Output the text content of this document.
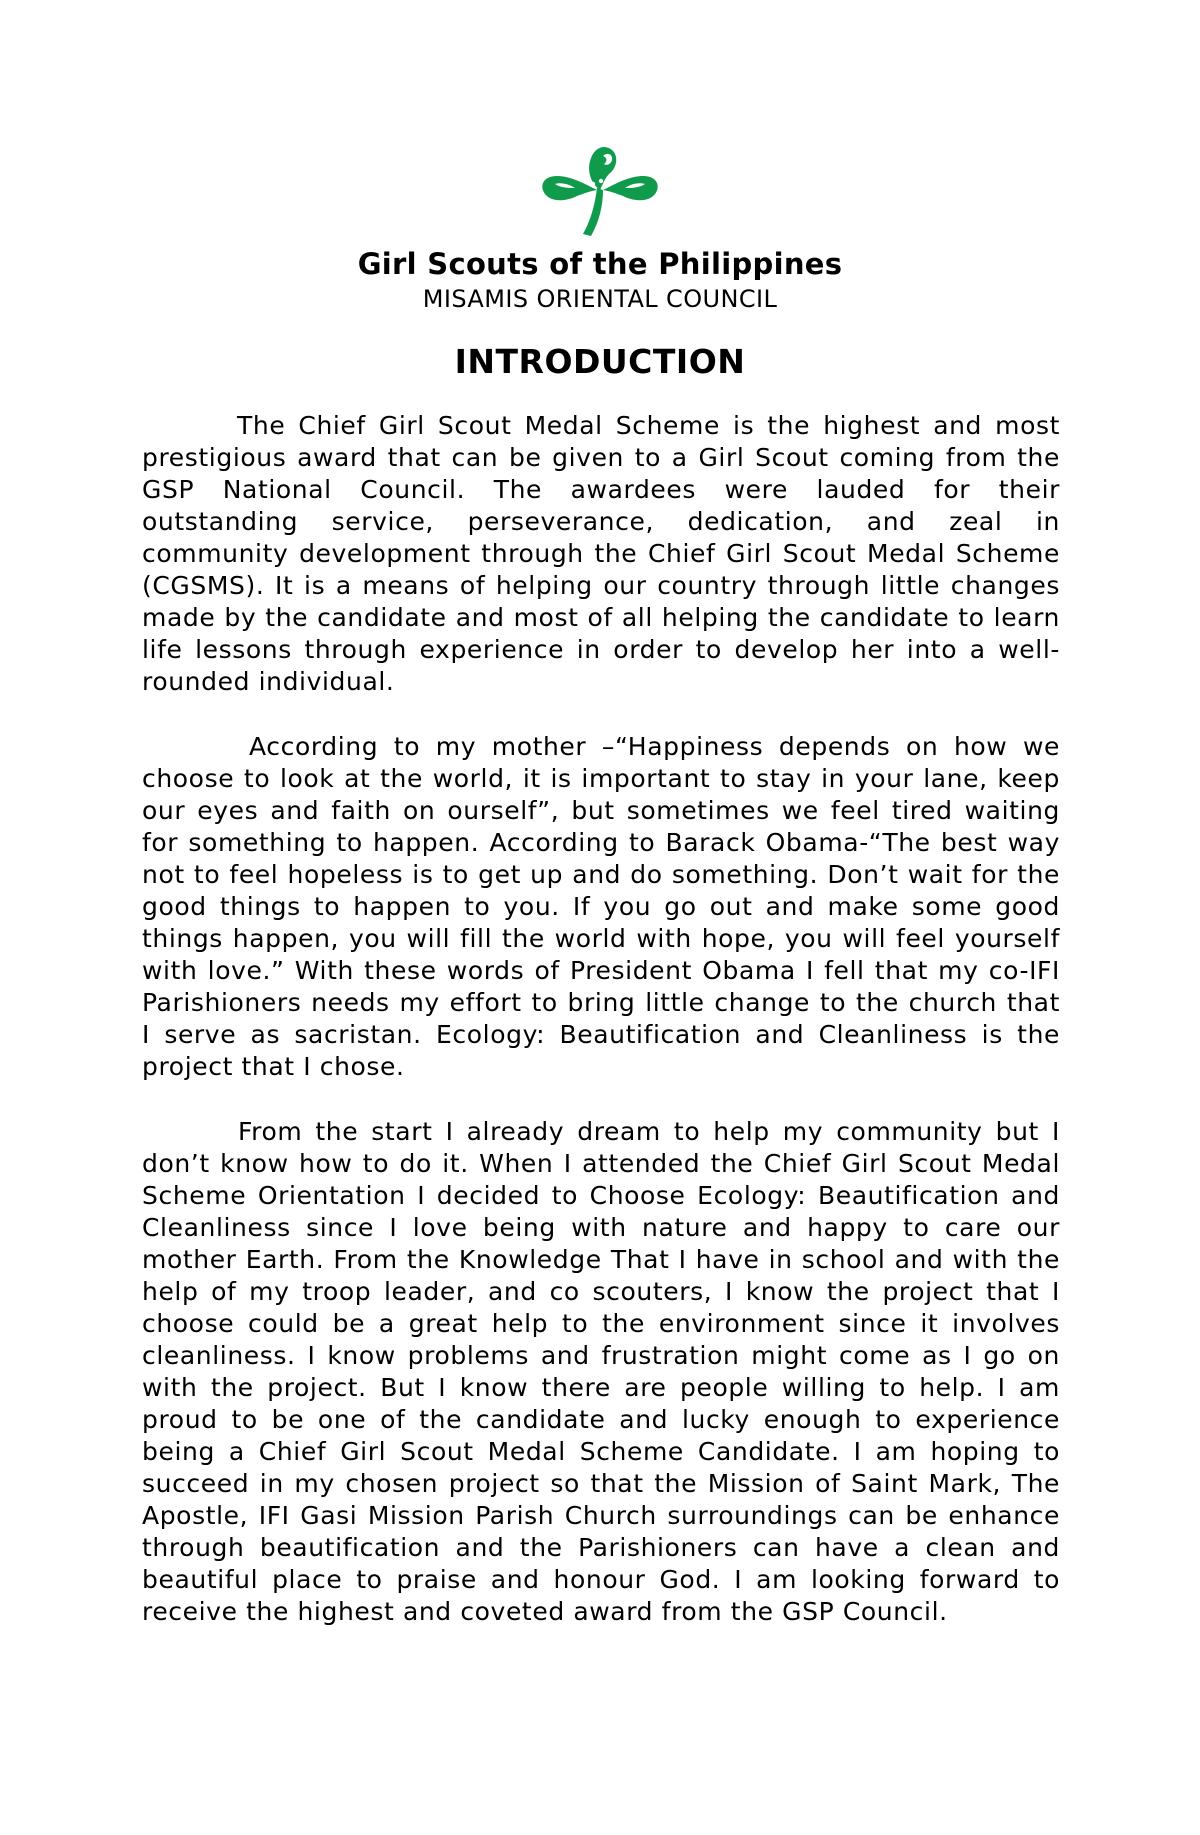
Girl Scouts of the Philippines
MISAMIS ORIENTAL COUNCIL
INTRODUCTION

The Chief Girl Scout Medal Scheme is the highest and most prestigious award that can be given to a Girl Scout coming from the GSP National Council. The awardees were lauded for their outstanding service, perseverance, dedication, and zeal in community development through the Chief Girl Scout Medal Scheme (CGSMS). It is a means of helping our country through little changes made by the candidate and most of all helping the candidate to learn life lessons through experience in order to develop her into a well-rounded individual.

According to my mother –“Happiness depends on how we choose to look at the world, it is important to stay in your lane, keep our eyes and faith on ourself”, but sometimes we feel tired waiting for something to happen. According to Barack Obama-“The best way not to feel hopeless is to get up and do something. Don’t wait for the good things to happen to you. If you go out and make some good things happen, you will fill the world with hope, you will feel yourself with love.” With these words of President Obama I fell that my co-IFI Parishioners needs my effort to bring little change to the church that I serve as sacristan. Ecology: Beautification and Cleanliness is the project that I chose.

From the start I already dream to help my community but I don’t know how to do it. When I attended the Chief Girl Scout Medal Scheme Orientation I decided to Choose Ecology: Beautification and Cleanliness since I love being with nature and happy to care our mother Earth. From the Knowledge That I have in school and with the help of my troop leader, and co scouters, I know the project that I choose could be a great help to the environment since it involves cleanliness. I know problems and frustration might come as I go on with the project. But I know there are people willing to help. I am proud to be one of the candidate and lucky enough to experience being a Chief Girl Scout Medal Scheme Candidate. I am hoping to succeed in my chosen project so that the Mission of Saint Mark, The Apostle, IFI Gasi Mission Parish Church surroundings can be enhance through beautification and the Parishioners can have a clean and beautiful place to praise and honour God. I am looking forward to receive the highest and coveted award from the GSP Council.
